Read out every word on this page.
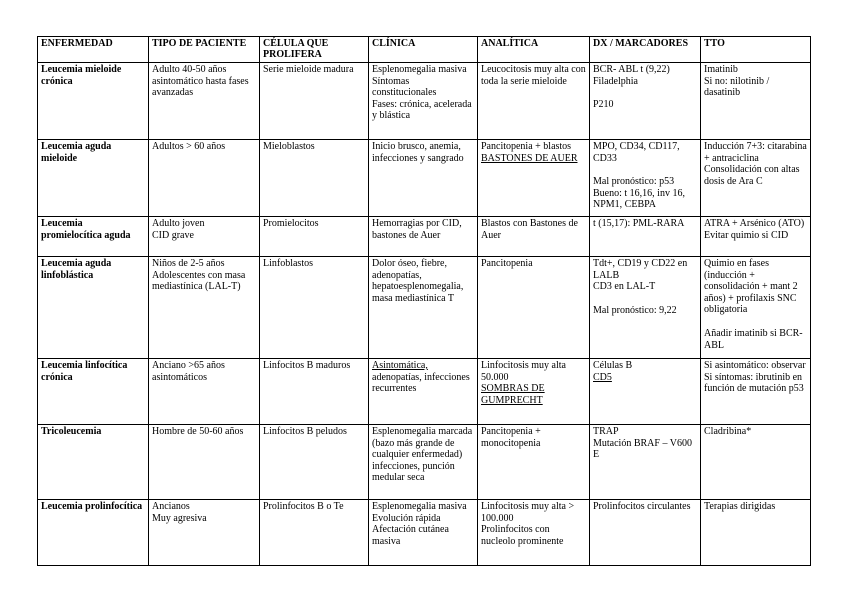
ENFERMEDAD	TIPO DE PACIENTE	CÉLULA QUE PROLIFERA	CLÍNICA	ANALÍTICA	DX / MARCADORES	TTO
Leucemia mieloide crónica	Adulto 40-50 años asintomático hasta fases avanzadas	Serie mieloide madura	Esplenomegalia masiva
Síntomas constitucionales
Fases: crónica, acelerada y blástica	Leucocitosis muy alta con toda la serie mieloide	BCR- ABL t (9,22) Filadelphia
P210	Imatinib
Si no: nilotinib / dasatinib

Leucemia aguda mieloide	Adultos > 60 años	Mieloblastos	Inicio brusco, anemia, infecciones y sangrado	Pancitopenia + blastos
BASTONES DE AUER	MPO, CD34, CD117, CD33
Mal pronóstico: p53
Bueno: t 16,16, inv 16, NPM1, CEBPA	Inducción 7+3: citarabina + antraciclina
Consolidación con altas dosis de Ara C

Leucemia promielocítica aguda	Adulto joven
CID grave	Promielocitos	Hemorragias por CID, bastones de Auer	Blastos con Bastones de Auer	t (15,17): PML-RARA	ATRA + Arsénico (ATO)
Evitar quimio si CID

Leucemia aguda linfoblástica	Niños de 2-5 años
Adolescentes con masa mediastínica (LAL-T)	Linfoblastos	Dolor óseo, fiebre, adenopatías, hepatoesplenomegalia, masa mediastínica T	Pancitopenia	Tdt+, CD19 y CD22 en LALB
CD3 en LAL-T
Mal pronóstico: 9,22	Quimio en fases (inducción + consolidación + mant 2 años) + profilaxis SNC obligatoria
Añadir imatinib si BCR- ABL

Leucemia linfocítica crónica	Anciano >65 años asintomáticos	Linfocitos B maduros	Asintomática,
adenopatías, infecciones recurrentes	Linfocitosis muy alta 50.000
SOMBRAS DE GUMPRECHT	Células B
CD5	Si asintomático: observar
Si síntomas: ibrutinib en función de mutación p53

Tricoleucemia	Hombre de 50-60 años	Linfocitos B peludos	Esplenomegalia marcada (bazo más grande de cualquier enfermedad) infecciones, punción medular seca	Pancitopenia + monocitopenia	TRAP
Mutación BRAF – V600 E	Cladribina*
Leucemia prolinfocítica	Ancianos
Muy agresiva	Prolinfocitos B o Te	Esplenomegalia masiva
Evolución rápida
Afectación cutánea masiva	Linfocitosis muy alta > 100.000
Prolinfocitos con nucleolo prominente	Prolinfocitos circulantes	Terapias dirigidas
